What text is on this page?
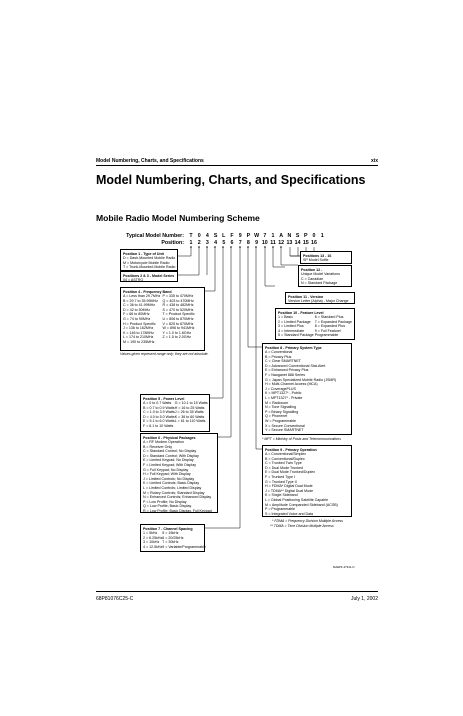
Model Numbering, Charts, and Specifications	xix
Model Numbering, Charts, and Specifications
Mobile Radio Model Numbering Scheme
Typical Model Number:
Position:
T 0 4 S L F 9 P W 7 1 A N S P 0 1
1 2 3 4 5 6 7 8 9 10 11 12 13 14 15 16
Position 1 - Type of Unit
D = Dash-Mounted Mobile Radio
M = Motorcycle Mobile Radio
T = Trunk-Mounted Mobile Radio
Positions 2 & 3 - Model Series
04 = ASTRO
Position 4 - Frequency Band
A = Less than 29.7MHz
B = 29.7 to 35.99MHz
C = 36 to 41.99MHz
D = 42 to 50MHz
F = 66 to 80MHz
G = 74 to 90MHz
H = Product Specific
J = 136 to 162MHz
K = 146 to 178MHz
L = 174 to 210MHz
M = 190 to 235MHz
P = 335 to 470MHz
Q = 403 to 470MHz
R = 438 to 482MHz
S = 470 to 520MHz
T = Product Specific
U = 806 to 870MHz
V = 825 to 870MHz
W = 896 to 941MHz
Y = 1.0 to 1.6GHz
Z = 1.5 to 2.0GHz
Values given represent range only; they are not absolute.
Position 5 - Power Level
A = 0 to 0.7 Watts
B = 0.7 to 0.9 Watts
C = 1.0 to 3.9 Watts
D = 4.0 to 5.0 Watts
E = 5.1 to 6.0 Watts
F = 6.1 to 10 Watts
G = 10.1 to 15 Watts
H = 16 to 25 Watts
J = 26 to 35 Watts
K = 36 to 60 Watts
L = 61 to 110 Watts
Position 6 - Physical Packages
A = RF Modem Operation
B = Receiver Only
C = Standard Control; No Display
D = Standard Control; With Display
E = Limited Keypad; No Display
F = Limited Keypad; With Display
G = Full Keypad; No Display
H = Full Keypad; With Display
J = Limited Controls; No Display
K = Limited Controls; Basic Display
L = Limited Controls; Limited Display
M = Rotary Controls; Standard Display
N = Enhanced Controls; Enhanced Display
P = Low Profile; No Display
Q = Low Profile; Basic Display
R = Low Profile; Basic Display, Full Keypad
Position 7 - Channel Spacing
1 = 5kHz
2 = 6.25kHz
3 = 10kHz
4 = 12.5kHz
5 = 15kHz
6 = 20/25kHz
7 = 30kHz
9 = Variable/Programmable
Positions 13 - 16
SP Model Suffix
Position 12 -
Unique Model Variations
C = Canadian
N = Standard Package
Position 11 - Version
Version Letter (Alpha) - Major Change
Position 10 - Feature Level
1 = Basic
2 = Limited Package
3 = Limited Plus
4 = Intermediate
5 = Standard Package
6 = Standard Plus
7 = Expanded Package
8 = Expanded Plus
9 = Full Feature/
Programmable
Position 8 - Primary System Type
A = Conventional
B = Privacy Plus
C = Clear SMARTNET
D = Advanced Conventional Stat-Alert
E = Enhanced Privacy Plus
F = Nauganet 888 Series
G = Japan Specialized Mobile Radio (JSMR)
H = Multi-Channel Access (MCA)
J = CoveragePLUS
K = MPT1327* - Public
L = MPT1327* - Private
M = Radiocom
N = Tone Signalling
P = Binary Signalling
Q = Phonenet
W = Programmable
X = Secure Conventional
Y = Secure SMARTNET
* MPT = Ministry of Posts and Telecommunications
Position 9 - Primary Operation
A = Conventional/Simplex
B = Conventional/Duplex
C = Trunked Twin Type
D = Dual Mode Trunked
E = Dual Mode Trunked/Duplex
F = Trunked Type I
G = Trunked Type II
H = FDMA* Digital Dual Mode
J = TDMA** Digital Dual Mode
K = Single Sideband
L = Global Positioning Satellite Capable
M = Amplitude Companded Sideband (ACSB)
P = Programmable
S = Integrated Voice and Data
* FDMA = Frequency Division Multiple Access
** TDMA = Time Division Multiple Access
MAEPF-27341-O
68P81076C25-C	July 1, 2002
